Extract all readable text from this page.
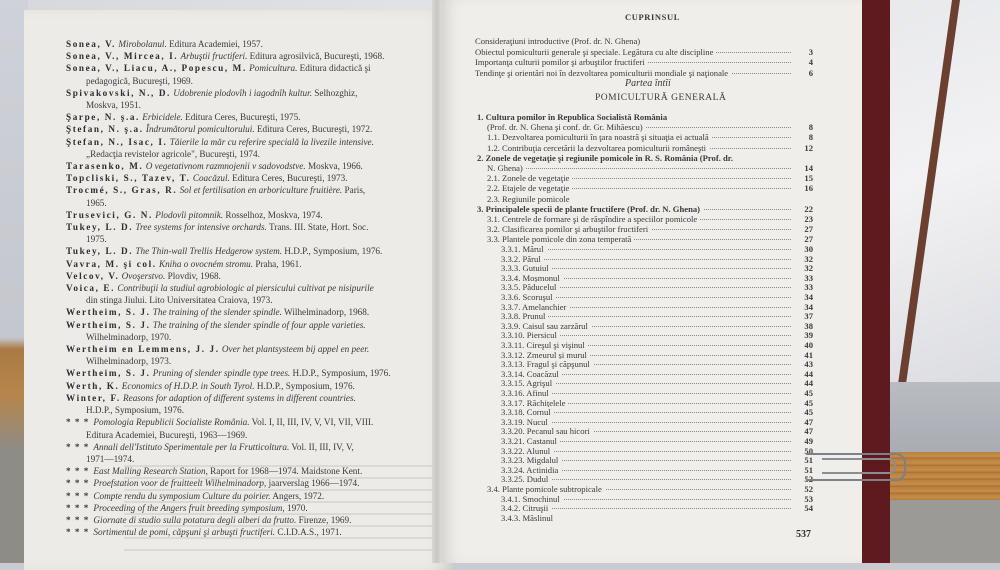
Sonea, V. Mirobolanul. Editura Academiei, 1957.
Sonea, V., Mircea, I. Arbuştii fructiferi. Editura agrosilvică, Bucureşti, 1968.
Sonea, V., Liacu, A., Popescu, M. Pomicultura. Editura didactică şi
pedagogică, Bucureşti, 1969.
Spivakovski, N., D. Udobrenie plodovîh i iagodnîh kultur. Selhozghiz,
Moskva, 1951.
Şarpe, N. ş.a. Erbicidele. Editura Ceres, Bucureşti, 1975.
Ştefan, N. ş.a. Îndrumătorul pomicultorului. Editura Ceres, Bucureşti, 1972.
Ştefan, N., Isac, I. Tăierile la măr cu referire specială la livezile intensive.
„Redacţia revistelor agricole", Bucureşti, 1974.
Tarasenko, M. O vegetativnom razmnojenii v sadovodstve. Moskva, 1966.
Topcliski, S., Tazev, T. Coacăzul. Editura Ceres, Bucureşti, 1973.
Trocmé, S., Gras, R. Sol et fertilisation en arboriculture fruitière. Paris,
1965.
Trusevici, G. N. Plodovîi pitomnik. Rosselhoz, Moskva, 1974.
Tukey, L. D. Tree systems for intensive orchards. Trans. III. State, Hort. Soc.
1975.
Tukey, L. D. The Thin-wall Trellis Hedgerow system. H.D.P., Symposium, 1976.
Vavra, M. şi col. Kniha o ovocném stromu. Praha, 1961.
Velcov, V. Ovoşerstvo. Plovdiv, 1968.
Voica, E. Contribuţii la studiul agrobiologic al piersicului cultivat pe nisipurile
din stinga Jiului. Lito Universitatea Craiova, 1973.
Wertheim, S. J. The training of the slender spindle. Wilhelminadorp, 1968.
Wertheim, S. J. The training of the slender spindle of four apple varieties.
Wilhelminadorp, 1970.
Wertheim en Lemmens, J. J. Over het plantsysteem bij appel en peer.
Wilhelminadorp, 1973.
Wertheim, S. J. Pruning of slender spindle type trees. H.D.P., Symposium, 1976.
Werth, K. Economics of H.D.P. in South Tyrol. H.D.P., Symposium, 1976.
Winter, F. Reasons for adaption of different systems in different countries.
H.D.P., Symposium, 1976.
* * * Pomologia Republicii Socialiste România. Vol. I, II, III, IV, V, VI, VII, VIII.
Editura Academiei, Bucureşti, 1963—1969.
* * * Annali dell'Istituto Sperimentale per la Frutticoltura. Vol. II, III, IV, V,
1971—1974.
* * * East Malling Research Station, Raport for 1968—1974. Maidstone Kent.
* * * Proefstation voor de fruitteelt Wilhelminadorp, jaarverslag 1966—1974.
* * * Compte rendu du symposium Culture du poirier. Angers, 1972.
* * * Proceeding of the Angers fruit breeding symposium, 1970.
* * * Giornate di studio sulla potatura degli alberi da frutto. Firenze, 1969.
* * * Sortimentul de pomi, căpşuni şi arbuşti fructiferi. C.I.D.A.S., 1971.
CUPRINSUL
Consideraţiuni introductive (Prof. dr. N. Ghena)
Obiectul pomiculturii generale şi speciale. Legătura cu alte discipline	3
Importanţa culturii pomilor şi arbuştilor fructiferi	4
Tendinţe şi orientări noi în dezvoltarea pomiculturii mondiale şi naţionale	6
Partea întîi
POMICULTURĂ GENERALĂ
1. Cultura pomilor în Republica Socialistă România
(Prof. dr. N. Ghena şi conf. dr. Gr. Mihăescu)	8
1.1. Dezvoltarea pomiculturii în ţara noastră şi situaţia ei actuală	8
1.2. Contribuţia cercetării la dezvoltarea pomiculturii româneşti	12
2. Zonele de vegetaţie şi regiunile pomicole în R. S. România (Prof. dr.
N. Ghena)	14
2.1. Zonele de vegetaţie	15
2.2. Etajele de vegetaţie	16
2.3. Regiunile pomicole
3. Principalele specii de plante fructifere (Prof. dr. N. Ghena)	22
3.1. Centrele de formare şi de răspîndire a speciilor pomicole	23
3.2. Clasificarea pomilor şi arbuştilor fructiferi	27
3.3. Plantele pomicole din zona temperată	27
3.3.1. Mărul	30
3.3.2. Părul	32
3.3.3. Gutuiul	32
3.3.4. Moşmonul	33
3.3.5. Păducelul	33
3.3.6. Scoruşul	34
3.3.7. Amelanchier	34
3.3.8. Prunul	37
3.3.9. Caisul sau zarzărul	38
3.3.10. Piersicul	39
3.3.11. Cireşul şi vişinul	40
3.3.12. Zmeurul şi murul	41
3.3.13. Fragul şi căpşunul	43
3.3.14. Coacăzul	44
3.3.15. Agrişul	44
3.3.16. Afinul	45
3.3.17. Răchiţelele	45
3.3.18. Cornul	45
3.3.19. Nucul	47
3.3.20. Pecanul sau hicori	47
3.3.21. Castanul	49
3.3.22. Alunul	50
3.3.23. Migdalul	51
3.3.24. Actinidia	51
3.3.25. Dudul	52
3.4. Plante pomicole subtropicale	52
3.4.1. Smochinul	53
3.4.2. Citruşii	54
3.4.3. Măslinul
537
